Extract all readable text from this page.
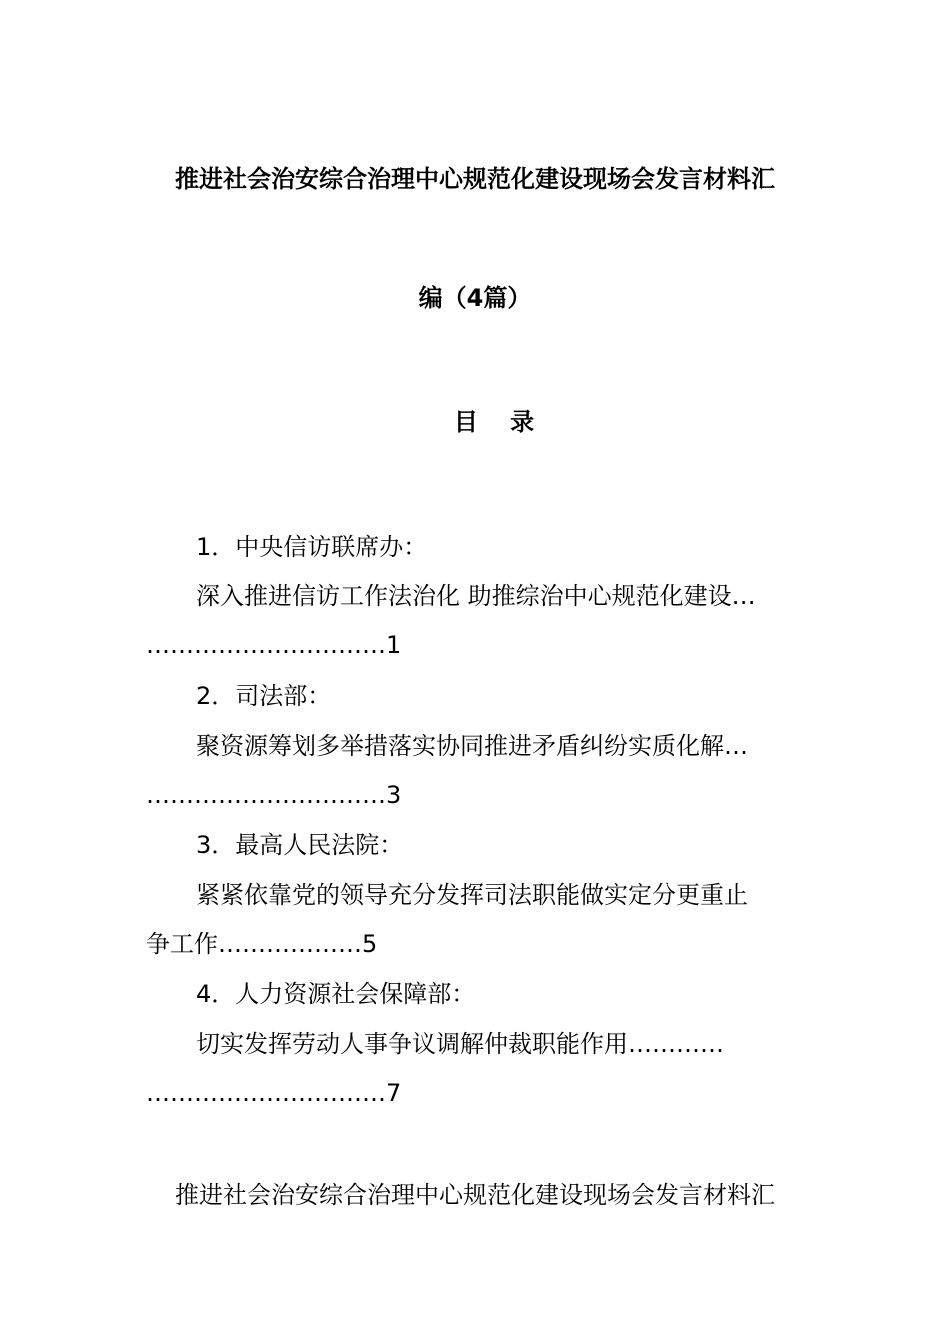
推进社会治安综合治理中心规范化建设现场会发言材料汇
编（4篇）
目 录
1．中央信访联席办：
深入推进信访工作法治化 助推综治中心规范化建设…
…………………………1
2．司法部：
聚资源筹划多举措落实协同推进矛盾纠纷实质化解…
…………………………3
3．最高人民法院：
紧紧依靠党的领导充分发挥司法职能做实定分更重止
争工作………………5
4．人力资源社会保障部：
切实发挥劳动人事争议调解仲裁职能作用…………
…………………………7
推进社会治安综合治理中心规范化建设现场会发言材料汇
